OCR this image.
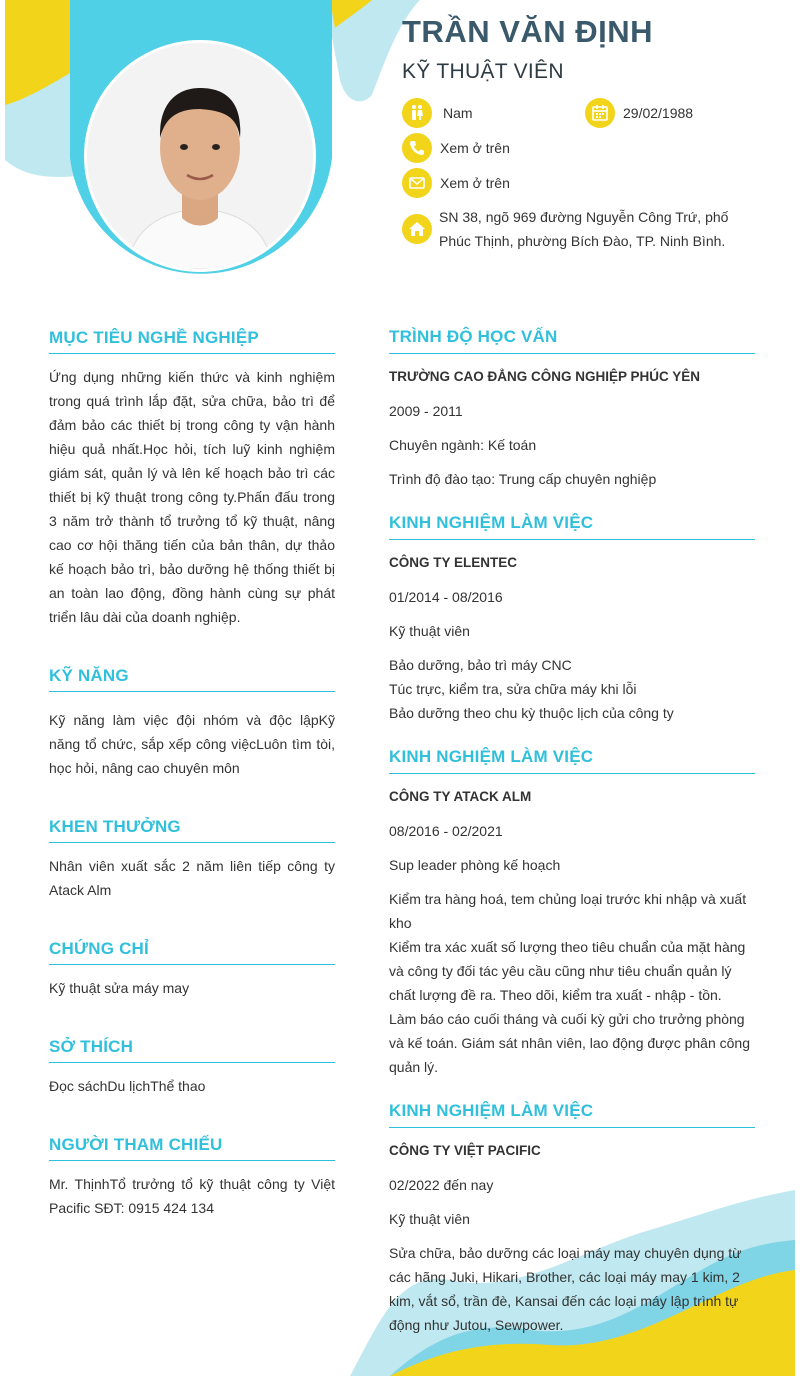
TRẦN VĂN ĐỊNH
KỸ THUẬT VIÊN
Nam	29/02/1988
Xem ở trên
Xem ở trên
SN 38, ngõ 969 đường Nguyễn Công Trứ, phố Phúc Thịnh, phường Bích Đào, TP. Ninh Bình.
MỤC TIÊU NGHỀ NGHIỆP
Ứng dụng những kiến thức và kinh nghiệm trong quá trình lắp đặt, sửa chữa, bảo trì để đảm bảo các thiết bị trong công ty vận hành hiệu quả nhất.Học hỏi, tích luỹ kinh nghiệm giám sát, quản lý và lên kế hoạch bảo trì các thiết bị kỹ thuật trong công ty.Phấn đấu trong 3 năm trở thành tổ trưởng tổ kỹ thuật, nâng cao cơ hội thăng tiến của bản thân, dự thảo kế hoạch bảo trì, bảo dưỡng hệ thống thiết bị an toàn lao động, đồng hành cùng sự phát triển lâu dài của doanh nghiệp.
KỸ NĂNG
Kỹ năng làm việc đội nhóm và độc lậpKỹ năng tổ chức, sắp xếp công việcLuôn tìm tòi, học hỏi, nâng cao chuyên môn
KHEN THƯỞNG
Nhân viên xuất sắc 2 năm liên tiếp công ty Atack Alm
CHỨNG CHỈ
Kỹ thuật sửa máy may
SỞ THÍCH
Đọc sáchDu lịchThể thao
NGƯỜI THAM CHIẾU
Mr. ThịnhTổ trưởng tổ kỹ thuật công ty Việt Pacific SĐT: 0915 424 134
TRÌNH ĐỘ HỌC VẤN
TRƯỜNG CAO ĐẲNG CÔNG NGHIỆP PHÚC YÊN
2009 - 2011
Chuyên ngành: Kế toán
Trình độ đào tạo: Trung cấp chuyên nghiệp
KINH NGHIỆM LÀM VIỆC
CÔNG TY ELENTEC
01/2014 - 08/2016
Kỹ thuật viên

Bảo dưỡng, bảo trì máy CNC

Túc trực, kiểm tra, sửa chữa máy khi lỗi

Bảo dưỡng theo chu kỳ thuộc lịch của công ty

KINH NGHIỆM LÀM VIỆC
CÔNG TY ATACK ALM
08/2016 - 02/2021
Sup leader phòng kế hoạch

Kiểm tra hàng hoá, tem chủng loại trước khi nhập và xuất kho

Kiểm tra xác xuất số lượng theo tiêu chuẩn của mặt hàng và công ty đối tác yêu cầu cũng như tiêu chuẩn quản lý chất lượng đề ra. Theo dõi, kiểm tra xuất - nhập - tồn.

Làm báo cáo cuối tháng và cuối kỳ gửi cho trưởng phòng và kế toán. Giám sát nhân viên, lao động được phân công quản lý.

KINH NGHIỆM LÀM VIỆC
CÔNG TY VIỆT PACIFIC
02/2022 đến nay
Kỹ thuật viên

Sửa chữa, bảo dưỡng các loại máy may chuyên dụng từ các hãng Juki, Hikari, Brother, các loại máy may 1 kim, 2 kim, vắt sổ, trần đè, Kansai đến các loại máy lập trình tự động như Jutou, Sewpower.
